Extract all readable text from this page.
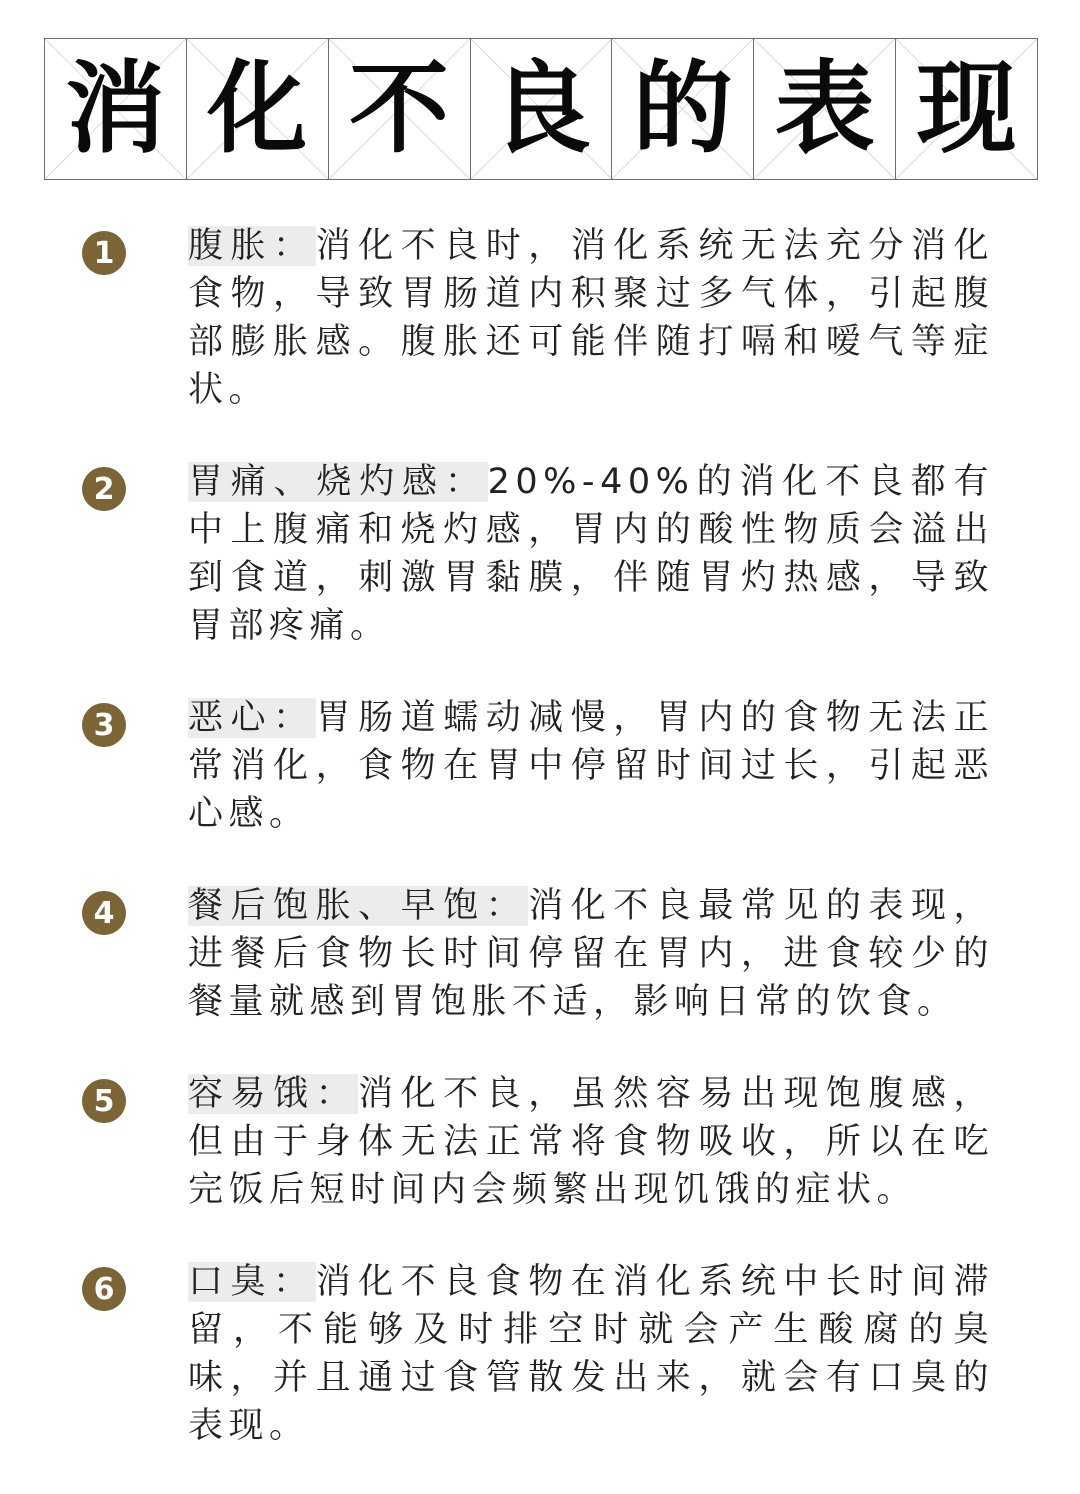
消 化 不 良 的 表 现
1	腹胀：消化不良时，消化系统无法充分消化食物，导致胃肠道内积聚过多气体，引起腹部膨胀感。腹胀还可能伴随打嗝和嗳气等症状。
2	胃痛、烧灼感：20%-40%的消化不良都有中上腹痛和烧灼感，胃内的酸性物质会溢出到食道，刺激胃黏膜，伴随胃灼热感，导致胃部疼痛。
3	恶心：胃肠道蠕动减慢，胃内的食物无法正常消化，食物在胃中停留时间过长，引起恶心感。
4	餐后饱胀、早饱：消化不良最常见的表现，进餐后食物长时间停留在胃内，进食较少的餐量就感到胃饱胀不适，影响日常的饮食。
5	容易饿：消化不良，虽然容易出现饱腹感，但由于身体无法正常将食物吸收，所以在吃完饭后短时间内会频繁出现饥饿的症状。
6	口臭：消化不良食物在消化系统中长时间滞留，不能够及时排空时就会产生酸腐的臭味，并且通过食管散发出来，就会有口臭的表现。
